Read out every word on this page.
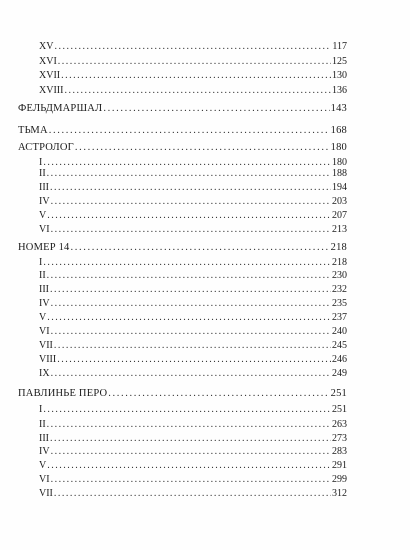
XV . . .	117
XVI . . .	125
XVII . . .	130
XVIII . . .	136
ФЕЛЬДМАРШАЛ . . .	143
ТЬМА . . .	168
АСТРОЛОГ . . .	180
I . . .	180
II . . .	188
III . . .	194
IV . . .	203
V . . .	207
VI . . .	213
НОМЕР 14 . . .	218
I . . .	218
II . . .	230
III . . .	232
IV . . .	235
V . . .	237
VI . . .	240
VII . . .	245
VIII . . .	246
IX . . .	249
ПАВЛИНЬЕ ПЕРО . . .	251
I . . .	251
II . . .	263
III . . .	273
IV . . .	283
V . . .	291
VI . . .	299
VII . . .	312
